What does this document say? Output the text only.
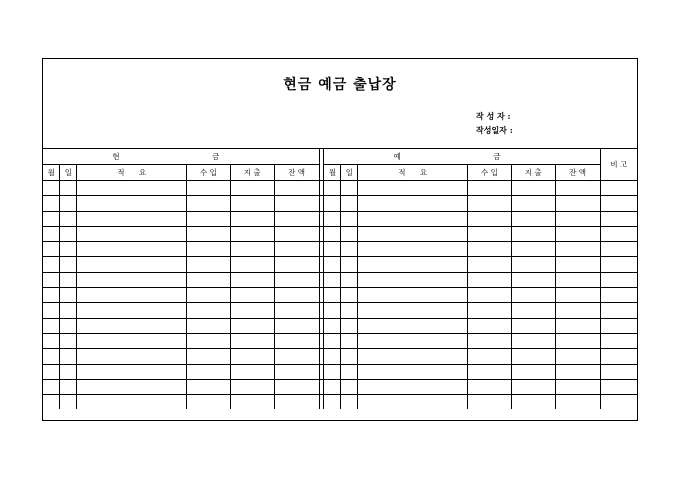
현금 예금 출납장
작 성 자 :
작성일자 :
현 금							예 금						비 고
월	일	적      요	수 입	지 출	잔 액		월	일	적      요	수 입	지 출	잔 액	
